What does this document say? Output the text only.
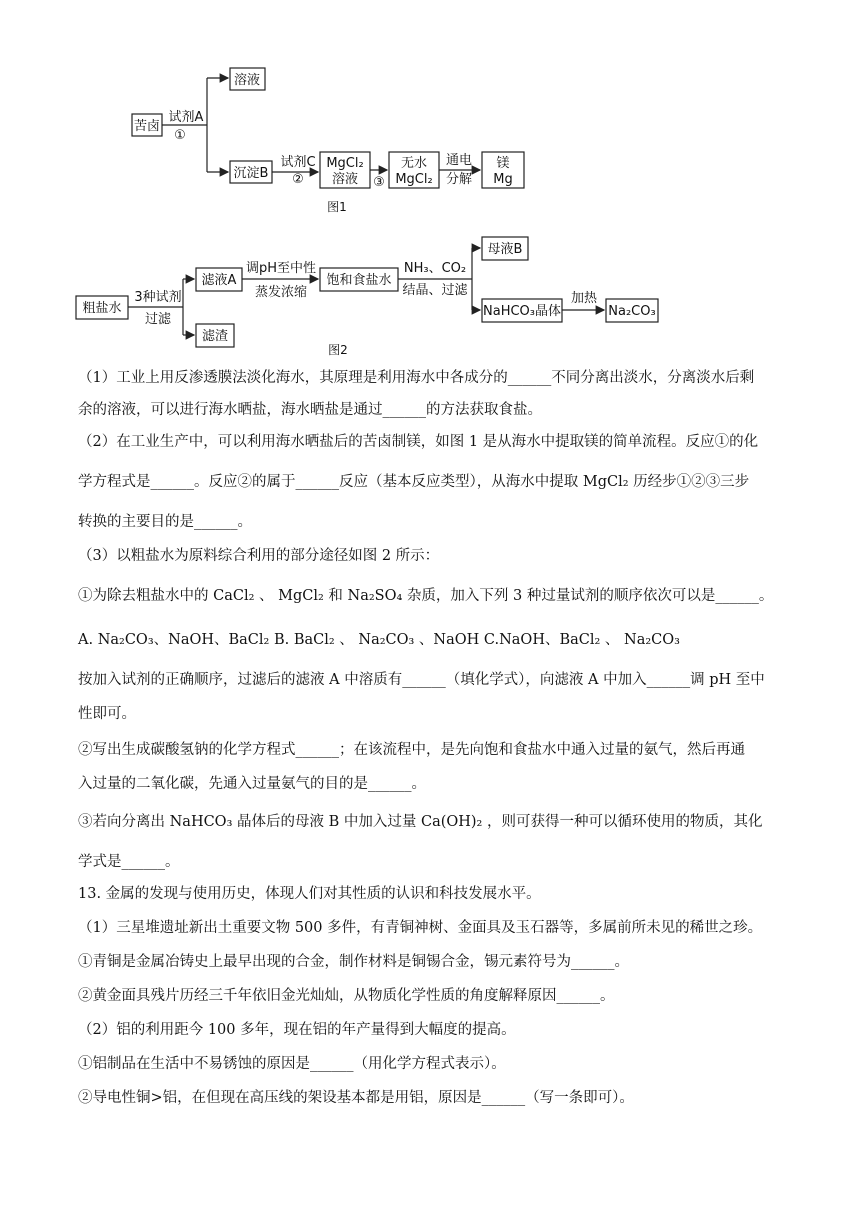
苦卤
试剂A
①
溶液
沉淀B
试剂C
②
MgCl₂
溶液 ③
无水
MgCl₂
通电
分解
镁
Mg
图1
粗盐水
3种试剂
过滤
滤液A
滤渣
调pH至中性
蒸发浓缩
饱和食盐水
NH₃、CO₂
结晶、过滤
母液B
NaHCO₃晶体
加热
Na₂CO₃
图2
（1）工业上用反渗透膜法淡化海水，其原理是利用海水中各成分的______不同分离出淡水，分离淡水后剩
余的溶液，可以进行海水晒盐，海水晒盐是通过______的方法获取食盐。
（2）在工业生产中，可以利用海水晒盐后的苦卤制镁，如图 1 是从海水中提取镁的简单流程。反应①的化
学方程式是______。反应②的属于______反应（基本反应类型），从海水中提取 MgCl₂ 历经步①②③三步
转换的主要目的是______。
（3）以粗盐水为原料综合利用的部分途径如图 2 所示：
①为除去粗盐水中的 CaCl₂ 、 MgCl₂ 和 Na₂SO₄ 杂质，加入下列 3 种过量试剂的顺序依次可以是______。
A. Na₂CO₃、NaOH、BaCl₂ B. BaCl₂ 、 Na₂CO₃ 、NaOH C.NaOH、BaCl₂ 、 Na₂CO₃
按加入试剂的正确顺序，过滤后的滤液 A 中溶质有______（填化学式），向滤液 A 中加入______调 pH 至中
性即可。
②写出生成碳酸氢钠的化学方程式______；在该流程中，是先向饱和食盐水中通入过量的氨气，然后再通
入过量的二氧化碳，先通入过量氨气的目的是______。
③若向分离出 NaHCO₃ 晶体后的母液 B 中加入过量 Ca(OH)₂ ，则可获得一种可以循环使用的物质，其化
学式是______。
13. 金属的发现与使用历史，体现人们对其性质的认识和科技发展水平。
（1）三星堆遗址新出土重要文物 500 多件，有青铜神树、金面具及玉石器等，多属前所未见的稀世之珍。
①青铜是金属冶铸史上最早出现的合金，制作材料是铜锡合金，锡元素符号为______。
②黄金面具残片历经三千年依旧金光灿灿，从物质化学性质的角度解释原因______。
（2）铝的利用距今 100 多年，现在铝的年产量得到大幅度的提高。
①铝制品在生活中不易锈蚀的原因是______（用化学方程式表示）。
②导电性铜>铝，在但现在高压线的架设基本都是用铝，原因是______（写一条即可）。
